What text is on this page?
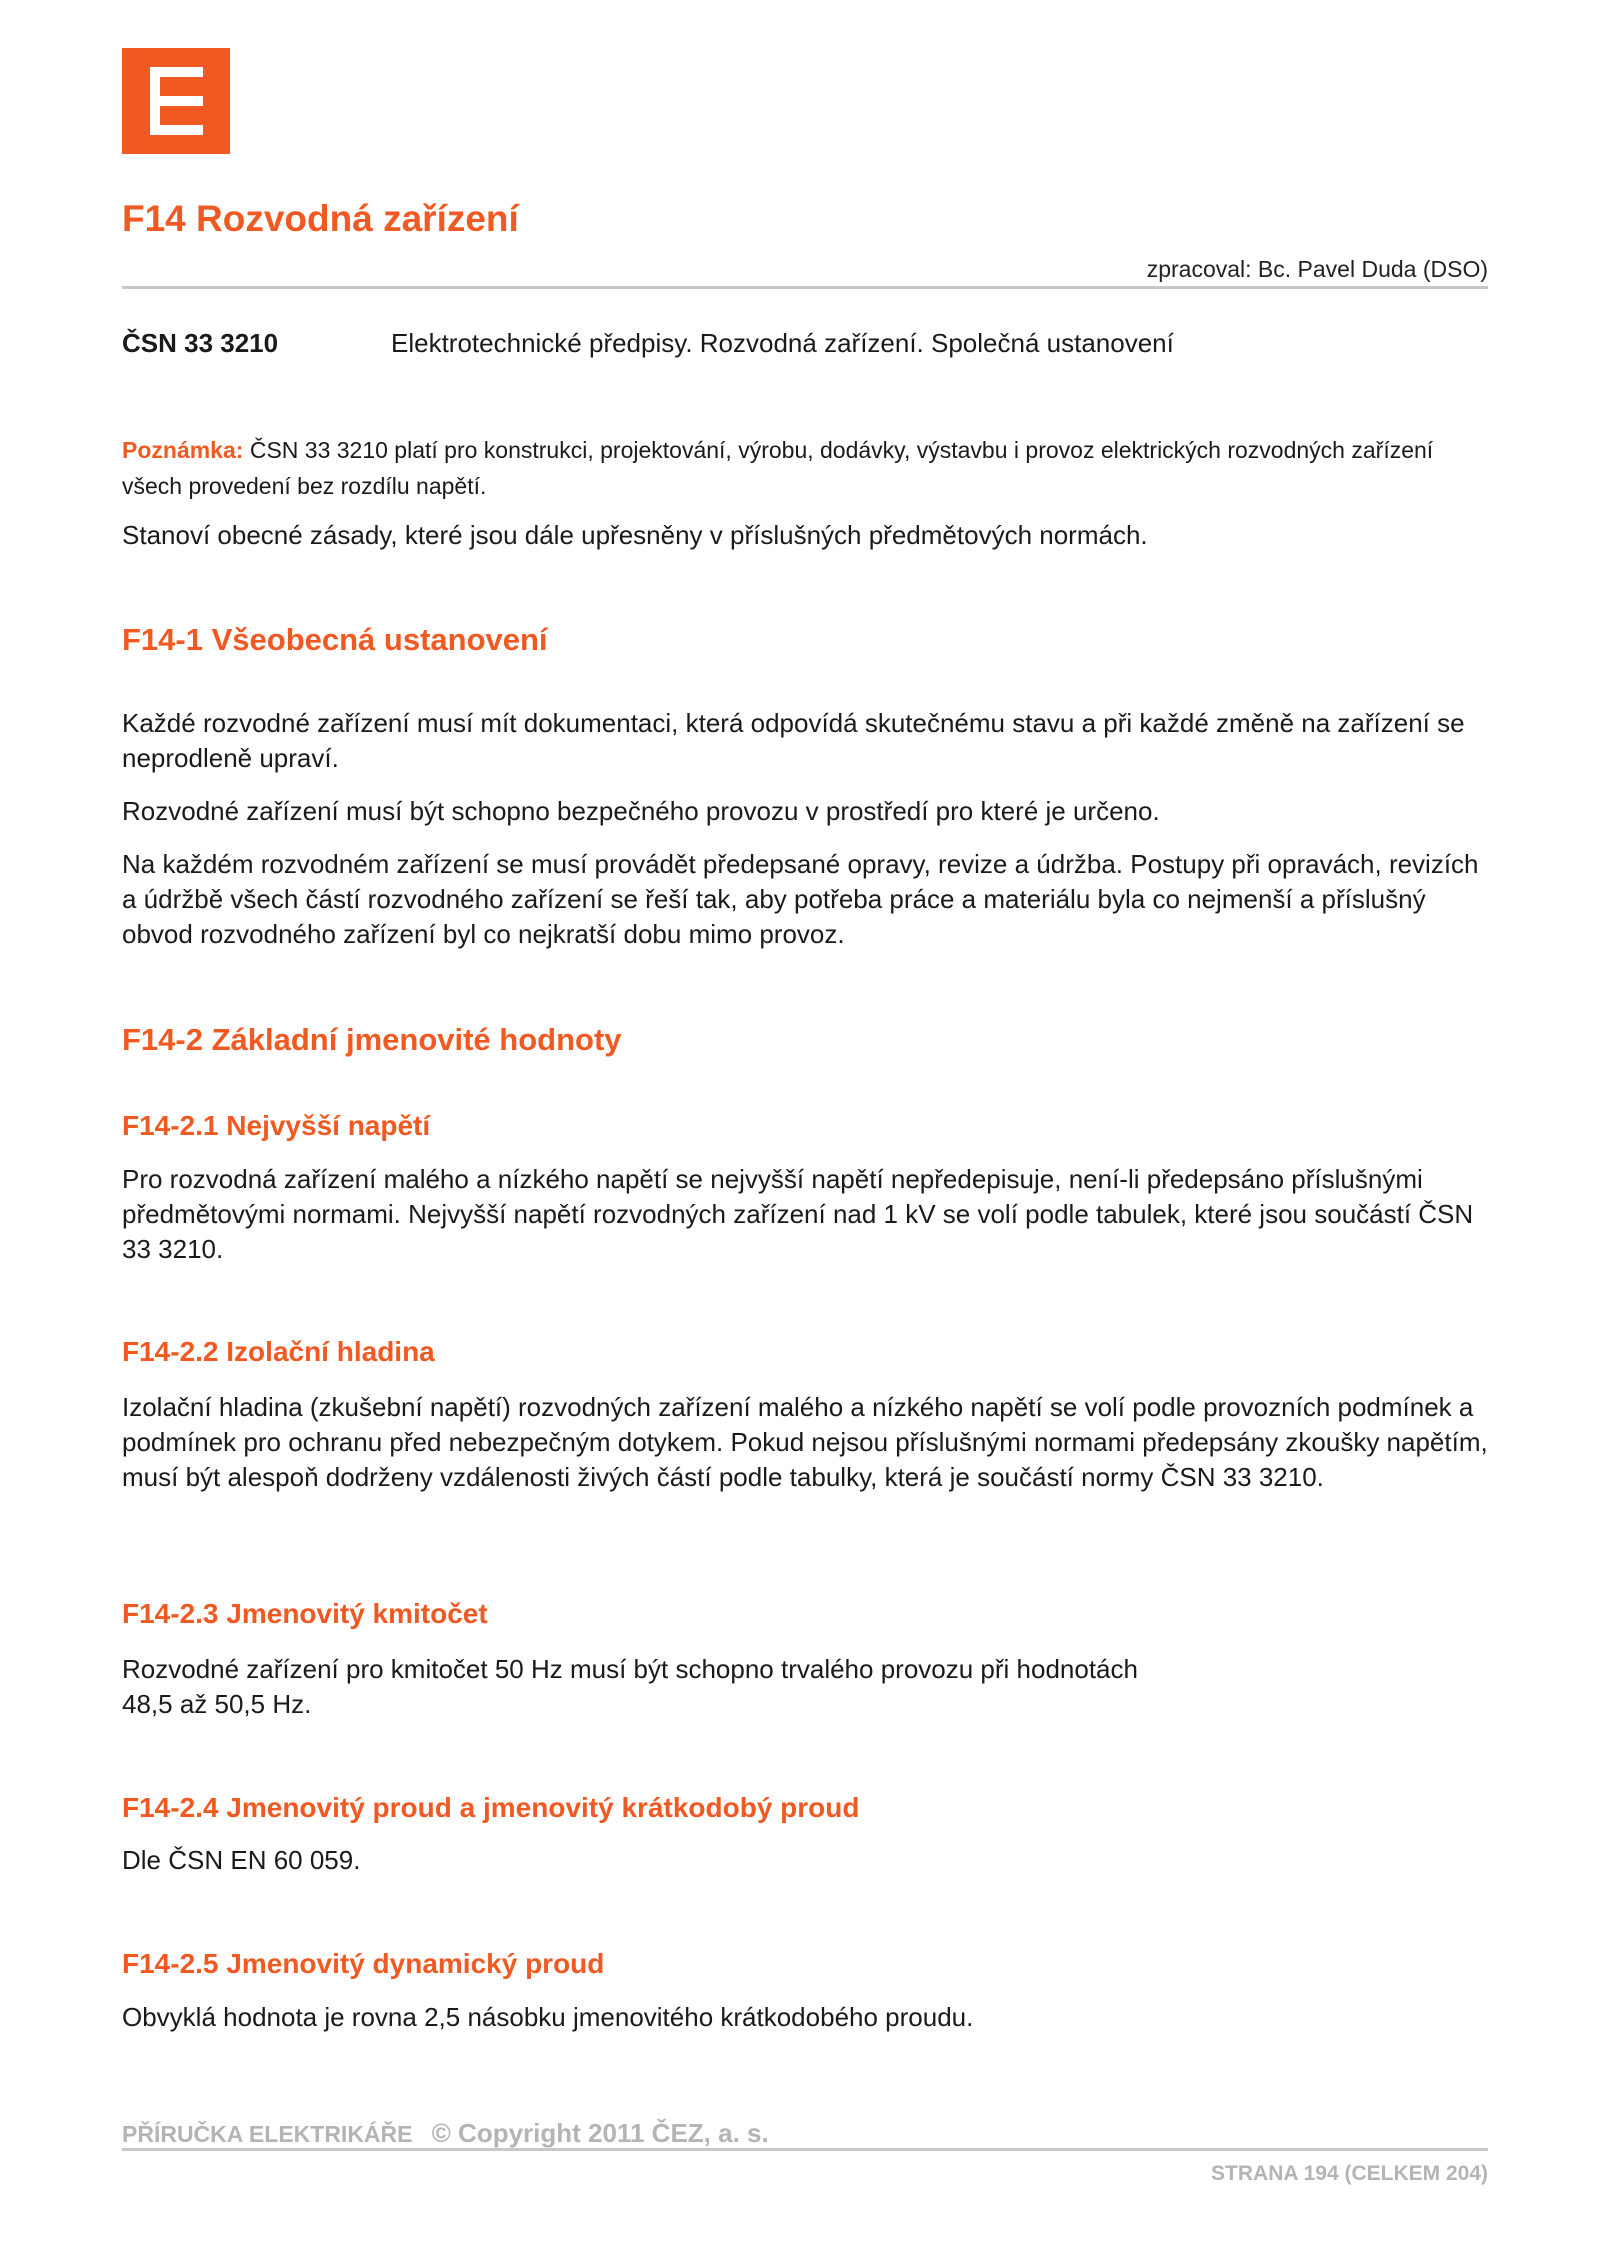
F14 Rozvodná zařízení
zpracoval: Bc. Pavel Duda (DSO)
ČSN 33 3210	Elektrotechnické předpisy. Rozvodná zařízení. Společná ustanovení
Poznámka: ČSN 33 3210 platí pro konstrukci, projektování, výrobu, dodávky, výstavbu i provoz elektrických rozvodných zařízení všech provedení bez rozdílu napětí.
Stanoví obecné zásady, které jsou dále upřesněny v příslušných předmětových normách.
F14-1 Všeobecná ustanovení
Každé rozvodné zařízení musí mít dokumentaci, která odpovídá skutečnému stavu a při každé změně na zařízení se neprodleně upraví.
Rozvodné zařízení musí být schopno bezpečného provozu v prostředí pro které je určeno.
Na každém rozvodném zařízení se musí provádět předepsané opravy, revize a údržba. Postupy při opravách, revizích a údržbě všech částí rozvodného zařízení se řeší tak, aby potřeba práce a materiálu byla co nejmenší a příslušný obvod rozvodného zařízení byl co nejkratší dobu mimo provoz.
F14-2 Základní jmenovité hodnoty
F14-2.1 Nejvyšší napětí
Pro rozvodná zařízení malého a nízkého napětí se nejvyšší napětí nepředepisuje, není-li předepsáno příslušnými předmětovými normami. Nejvyšší napětí rozvodných zařízení nad 1 kV se volí podle tabulek, které jsou součástí ČSN 33 3210.
F14-2.2 Izolační hladina
Izolační hladina (zkušební napětí) rozvodných zařízení malého a nízkého napětí se volí podle provozních podmínek a podmínek pro ochranu před nebezpečným dotykem. Pokud nejsou příslušnými normami předepsány zkoušky napětím, musí být alespoň dodrženy vzdálenosti živých částí podle tabulky, která je součástí normy ČSN 33 3210.
F14-2.3 Jmenovitý kmitočet
Rozvodné zařízení pro kmitočet 50 Hz musí být schopno trvalého provozu při hodnotách
48,5 až 50,5 Hz.
F14-2.4 Jmenovitý proud a jmenovitý krátkodobý proud
Dle ČSN EN 60 059.
F14-2.5 Jmenovitý dynamický proud
Obvyklá hodnota je rovna 2,5 násobku jmenovitého krátkodobého proudu.
PŘÍRUČKA ELEKTRIKÁŘE © Copyright 2011 ČEZ, a. s.
STRANA 194 (CELKEM 204)
